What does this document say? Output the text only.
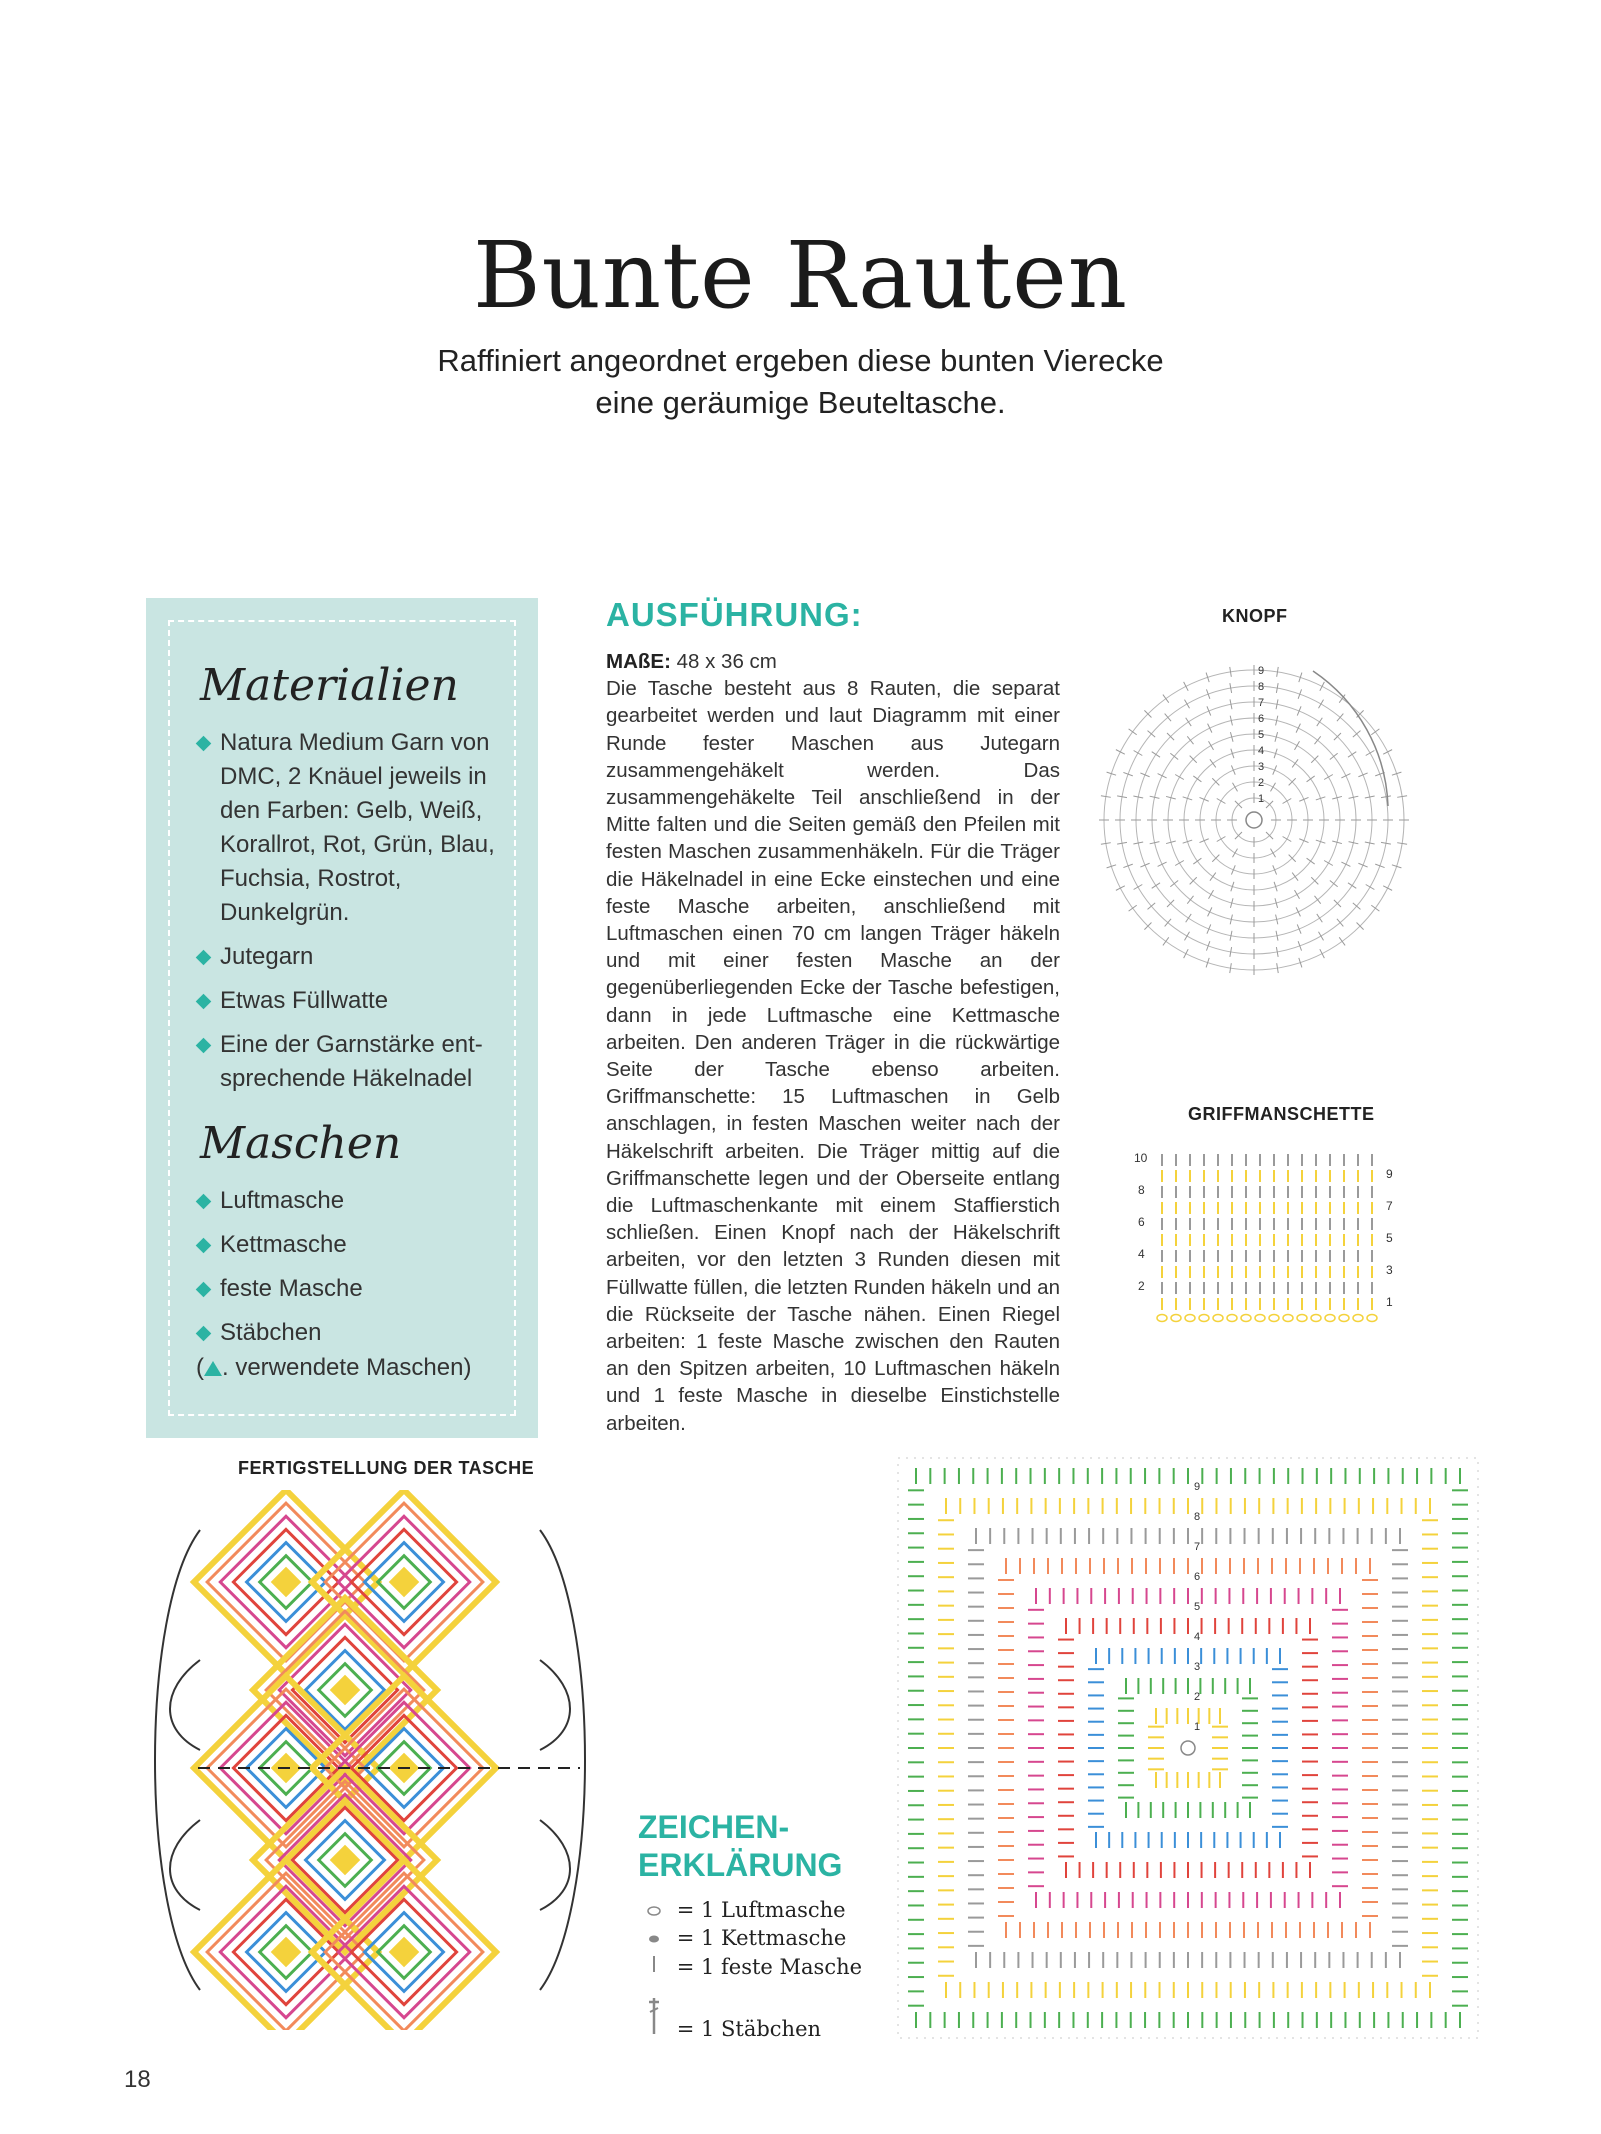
Bunte Rauten
Raffiniert angeordnet ergeben diese bunten Vierecke
eine geräumige Beuteltasche.
Materialien
Natura Medium Garn von DMC, 2 Knäuel jeweils in den Farben: Gelb, Weiß, Korallrot, Rot, Grün, Blau, Fuchsia, Rostrot, Dunkelgrün.
Jutegarn
Etwas Füllwatte
Eine der Garnstärke ent-sprechende Häkelnadel
Maschen
Luftmasche
Kettmasche
feste Masche
Stäbchen
( . verwendete Maschen)
AUSFÜHRUNG:
MAßE: 48 x 36 cm
Die Tasche besteht aus 8 Rauten, die separat gearbeitet werden und laut Diagramm mit einer Runde fester Maschen aus Jutegarn zusammengehäkelt werden. Das zusammengehäkelte Teil anschließend in der Mitte falten und die Seiten gemäß den Pfeilen mit festen Maschen zusammenhäkeln. Für die Träger die Häkelnadel in eine Ecke einstechen und eine feste Masche arbeiten, anschließend mit Luftmaschen einen 70 cm langen Träger häkeln und mit einer festen Masche an der gegenüberliegenden Ecke der Tasche befestigen, dann in jede Luftmasche eine Kettmasche arbeiten. Den anderen Träger in die rückwärtige Seite der Tasche ebenso arbeiten. Griffmanschette: 15 Luftmaschen in Gelb anschlagen, in festen Maschen weiter nach der Häkelschrift arbeiten. Die Träger mittig auf die Griffmanschette legen und der Oberseite entlang die Luftmaschenkante mit einem Staffierstich schließen. Einen Knopf nach der Häkelschrift arbeiten, vor den letzten 3 Runden diesen mit Füllwatte füllen, die letzten Runden häkeln und an die Rückseite der Tasche nähen. Einen Riegel arbeiten: 1 feste Masche zwischen den Rauten an den Spitzen arbeiten, 10 Luftmaschen häkeln und 1 feste Masche in dieselbe Einstichstelle arbeiten.
KNOPF
1
2
3
4
5
6
7
8
9
GRIFFMANSCHETTE
10
8
6
4
2
9
7
5
3
1
FERTIGSTELLUNG DER TASCHE
1
2
3
4
5
6
7
8
9
ZEICHEN-
ERKLÄRUNG
= 1 Luftmasche
= 1 Kettmasche
= 1 feste Masche
= 1 Stäbchen
18
